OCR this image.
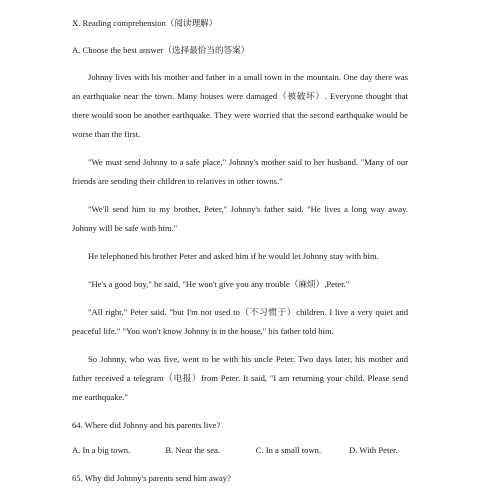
X. Reading comprehension（阅读理解）

A. Choose the best answer（选择最恰当的答案）

Johnny lives with his mother and father in a small town in the mountain. One day there was an earthquake near the town. Many houses were damaged（被破坏）. Everyone thought that there would soon be another earthquake. They were worried that the second earthquake would be worse than the first.

"We must send Johnny to a safe place," Johnny's mother said to her husband. "Many of our friends are sending their children to relatives in other towns."

"We'll send him to my brother, Peter," Johnny's father said. "He lives a long way away. Johnny will be safe with him."

He telephoned his brother Peter and asked him if he would let Johnny stay with him.

"He's a good boy," he said, "He won't give you any trouble（麻烦）,Peter."

"All right," Peter said. "but I'm not used to（不习惯于）children. I live a very quiet and peaceful life." "You won't know Johnny is in the house," his father told him.

So Johnny, who was five, went to be with his uncle Peter. Two days later, his mother and father received a telegram（电报）from Peter. It said, "I am returning your child. Please send me earthquake."

64. Where did Johnny and his parents live?

A. In a big town.	B. Near the sea.	C. In a small town.	D. With Peter.

65. Why did Johnny's parents send him away?
